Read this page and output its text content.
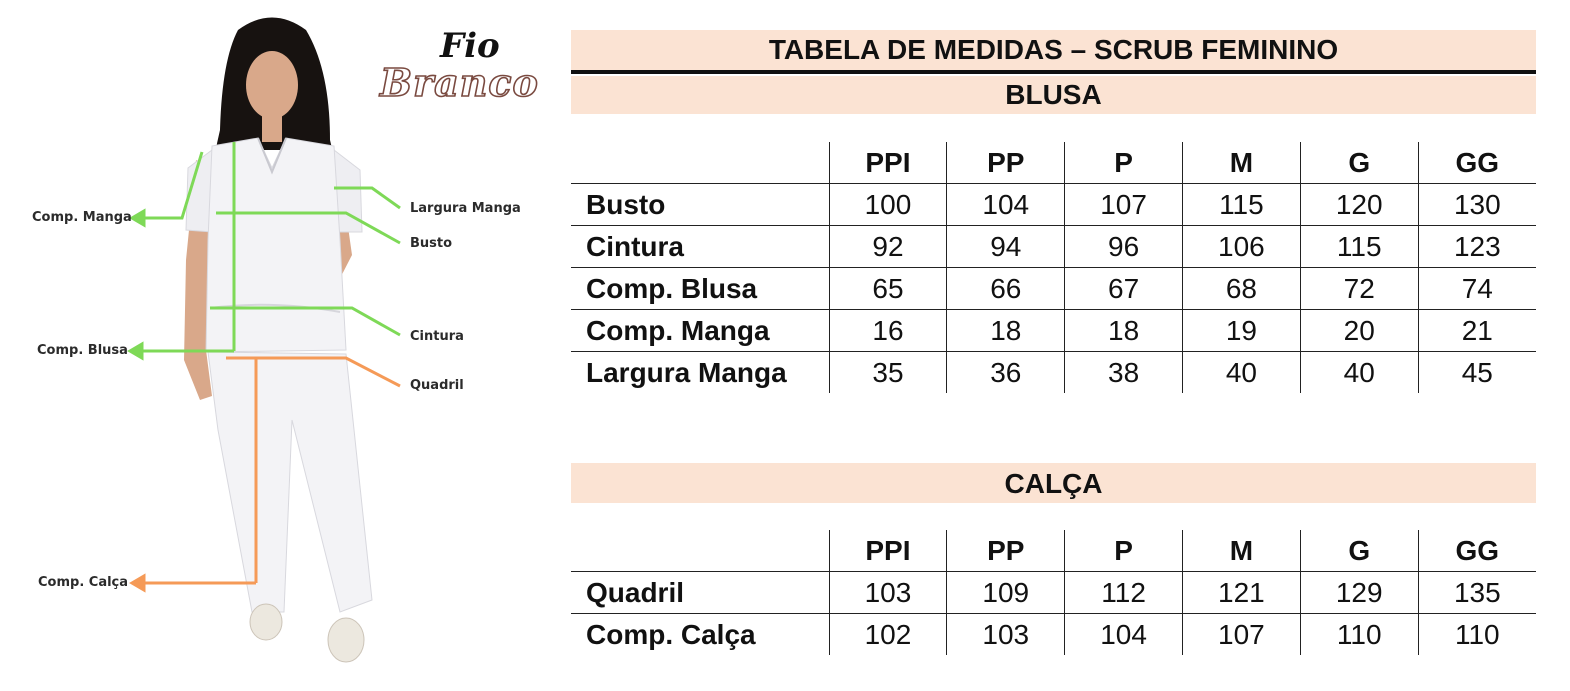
Fio
Branco
Comp. Manga
Largura Manga
Busto
Cintura
Comp. Blusa
Quadril
Comp. Calça
TABELA DE MEDIDAS – SCRUB FEMININO
BLUSA
	PPI	PP	P	M	G	GG
Busto	100	104	107	115	120	130
Cintura	92	94	96	106	115	123
Comp. Blusa	65	66	67	68	72	74
Comp. Manga	16	18	18	19	20	21
Largura Manga	35	36	38	40	40	45
CALÇA
	PPI	PP	P	M	G	GG
Quadril	103	109	112	121	129	135
Comp. Calça	102	103	104	107	110	110
